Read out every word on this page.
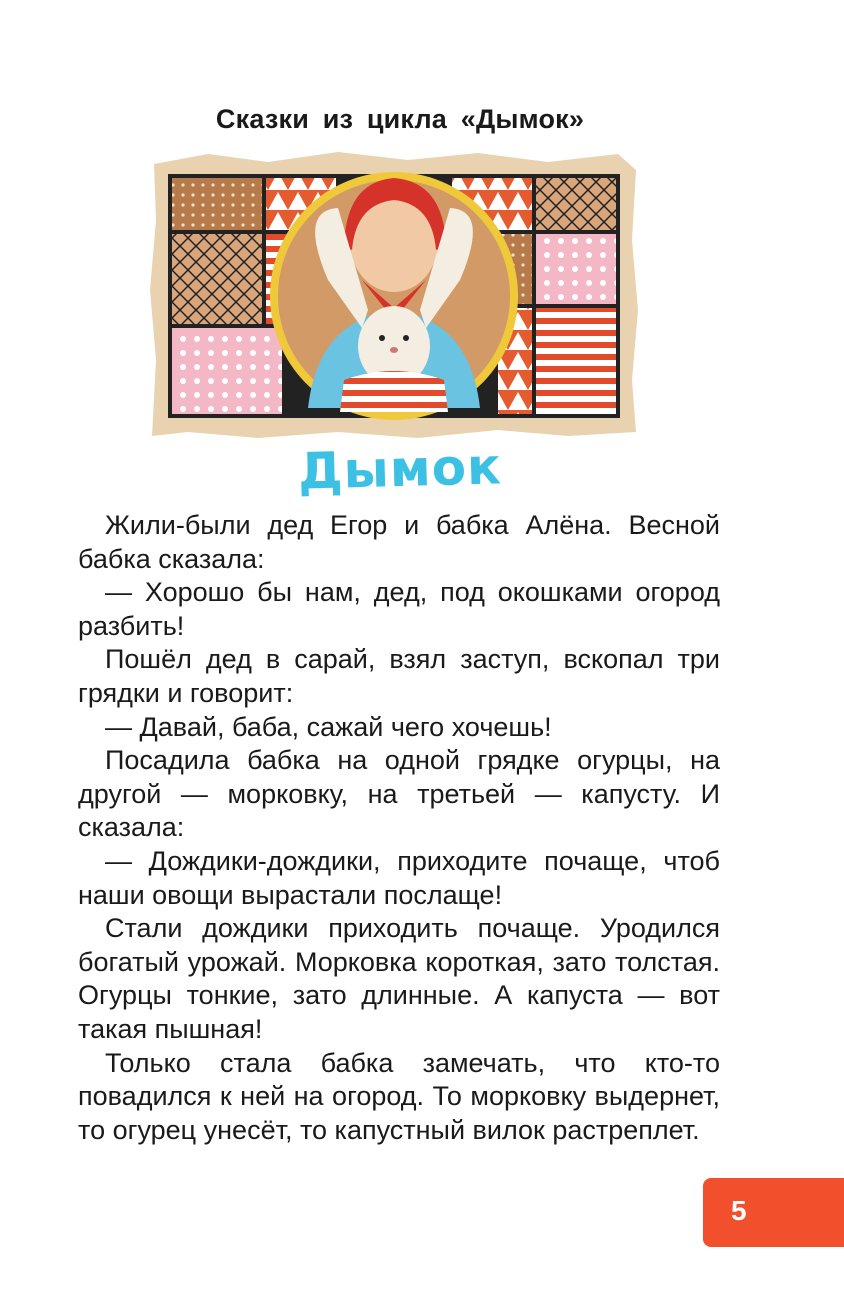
Сказки из цикла «Дымок»
Дымок

Жили-были дед Егор и бабка Алёна. Весной бабка сказала:

— Хорошо бы нам, дед, под окошками огород разбить!

Пошёл дед в сарай, взял заступ, вскопал три грядки и говорит:

— Давай, баба, сажай чего хочешь!

Посадила бабка на одной грядке огурцы, на другой — морковку, на третьей — капусту. И сказала:

— Дождики-дождики, приходите почаще, чтоб наши овощи вырастали послаще!

Стали дождики приходить почаще. Уродился богатый урожай. Морковка короткая, зато толстая. Огурцы тонкие, зато длинные. А капуста — вот такая пышная!

Только стала бабка замечать, что кто-то повадился к ней на огород. То морковку выдернет, то огурец унесёт, то капустный вилок растреплет.

5
